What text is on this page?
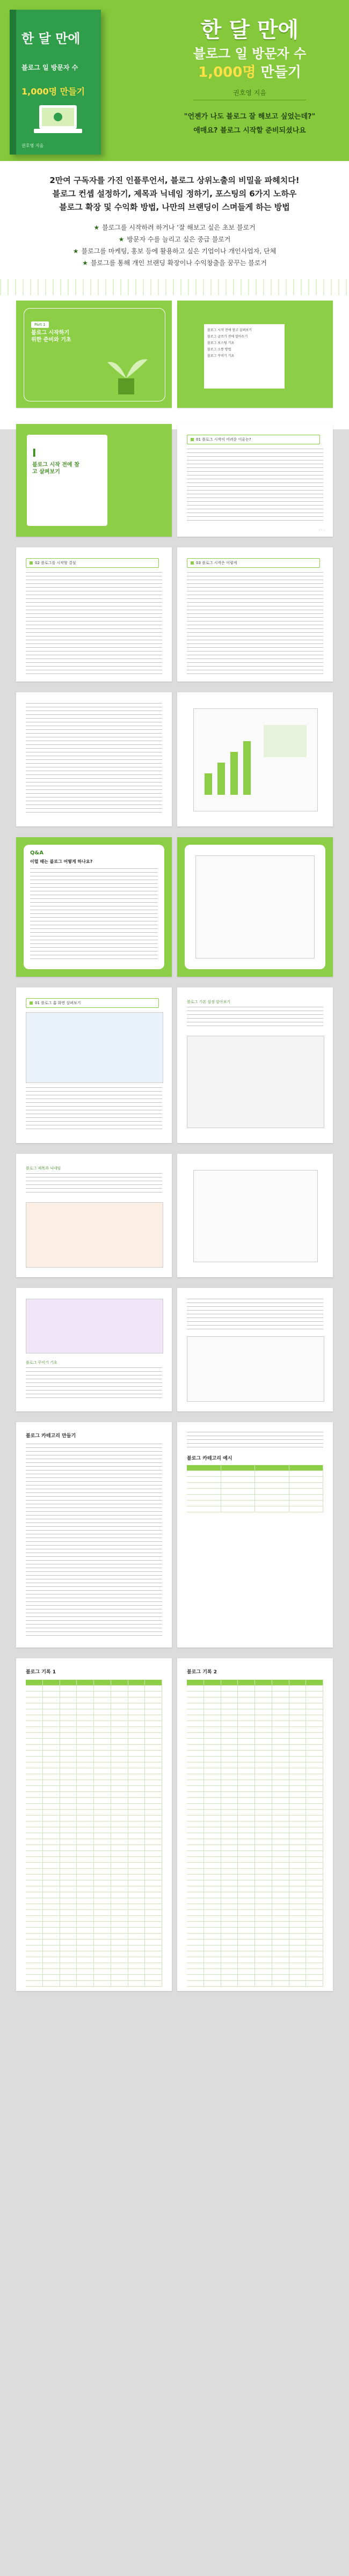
한 달 만에
블로그 일 방문자 수
1,000명 만들기
권호영 지음
한 달 만에
블로그 일 방문자 수
1,000명 만들기
권호영 지음
"언젠가 나도 블로그 잘 해보고 싶었는데?"
애매요? 블로그 시작할 준비되셨나요

2만여 구독자를 가진 인플루언서, 블로그 상위노출의 비밀을 파헤치다!

블로그 컨셉 설정하기, 제목과 닉네임 정하기, 포스팅의 6가지 노하우

블로그 확장 및 수익화 방법, 나만의 브랜딩이 스며들게 하는 방법

★ 블로그를 시작하려 하거나 ‘잘 해보고 싶은 초보 블로거
★ 방문자 수를 늘리고 싶은 중급 블로거
★ 블로그를 마케팅, 홍보 등에 활용하고 싶은 기업이나 개인사업자, 단체
★ 블로그를 통해 개인 브랜딩 확장이나 수익창출을 꿈꾸는 블로거
Part 1
블로그 시작하기 위한 준비와 기초
블로그 시작 전에 참고 살펴보기
블로그 글쓰기 전에 알아두기
블로그 포스팅 기초
블로그 소통 방법
블로그 꾸미기 기초
I
블로그 시작 전에 참고 살펴보기
01 블로그 시작이 어려운 이유는?
· · ·
02 블로그를 시작할 결심	03 블로그 시작은 이렇게
Q&A
이럴 때는 블로그 어떻게 하나요?
01 블로그 홈 화면 살펴보기	블로그 기본 설정 알아보기
블로그 제목과 닉네임
블로그 꾸미기 기초
블로그 카테고리 만들기
블로그 카테고리 예시
블로그 기록 1	블로그 기록 2
